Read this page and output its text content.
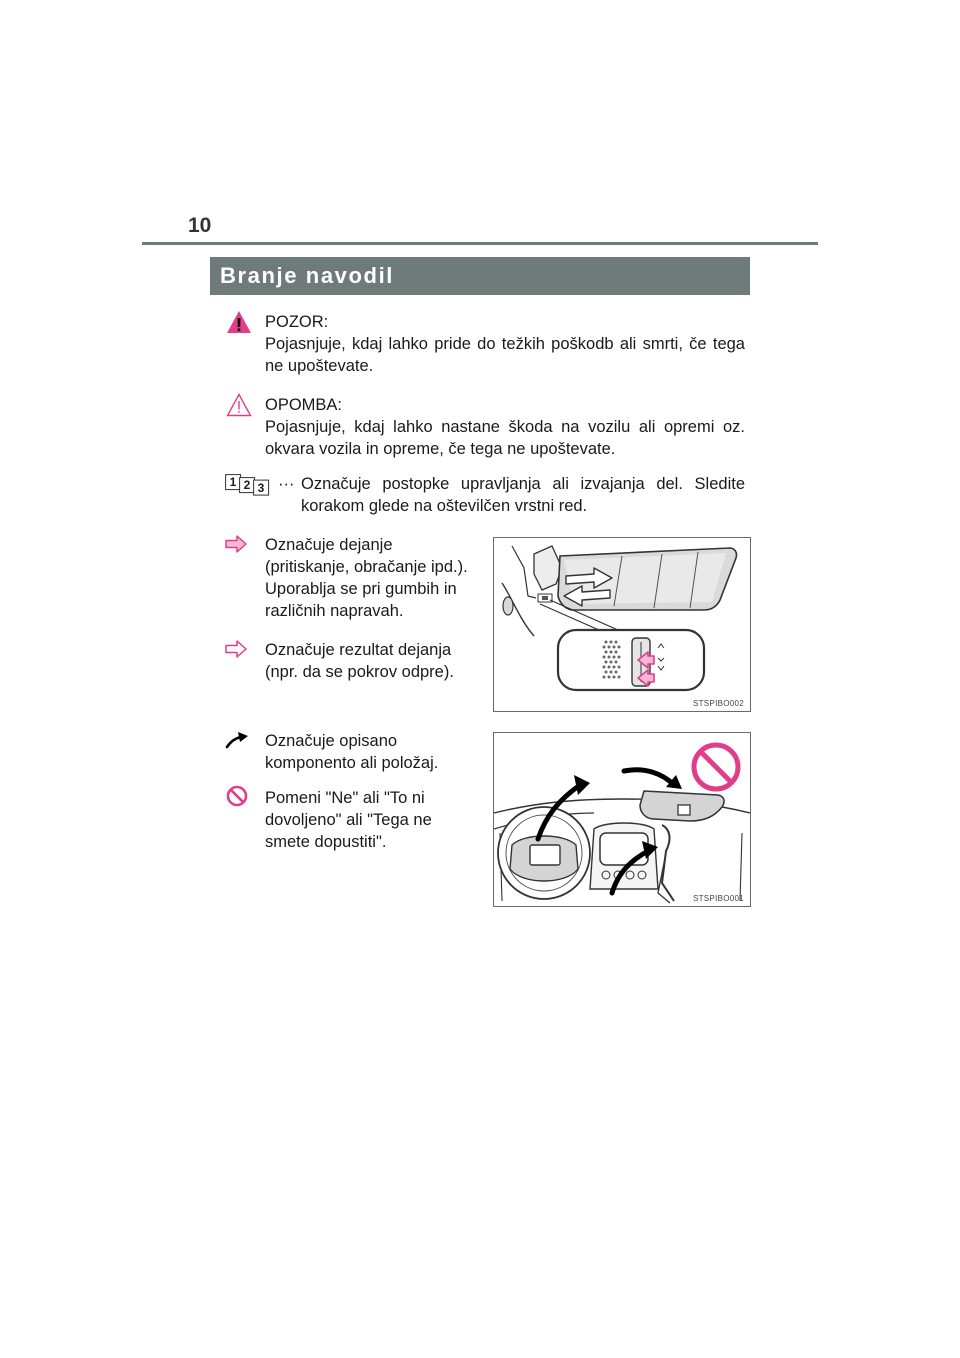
10
Branje navodil
POZOR:
Pojasnjuje, kdaj lahko pride do težkih poškodb ali smrti, če tega ne upoštevate.
OPOMBA:
Pojasnjuje, kdaj lahko nastane škoda na vozilu ali opremi oz. okvara vozila in opreme, če tega ne upoštevate.
1 2 3 ··· Označuje postopke upravljanja ali izvajanja del. Sledite korakom glede na oštevilčen vrstni red.
Označuje dejanje (pritiskanje, obračanje ipd.). Uporablja se pri gumbih in različnih napravah.
Označuje rezultat dejanja (npr. da se pokrov odpre).
STSPIBO002
Označuje opisano komponento ali položaj.
Pomeni "Ne" ali "To ni dovoljeno" ali "Tega ne smete dopustiti".
STSPIBO001
